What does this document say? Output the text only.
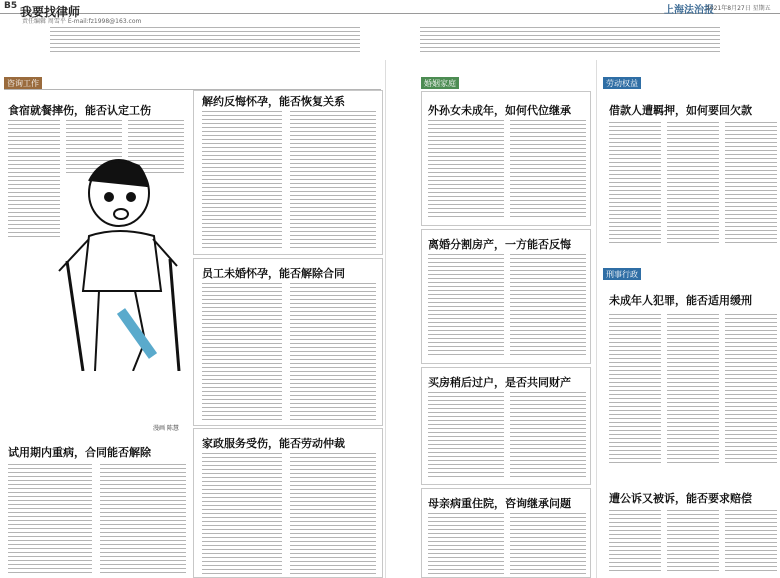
B5 我要找律师	上海法治报
2021年8月27日 星期五
责任编辑 周雪平 E-mail:fz1998@163.com
咨询工作	婚姻家庭	劳动权益
刑事行政
食宿就餐摔伤，能否认定工伤
解约反悔怀孕，能否恢复关系
员工未婚怀孕，能否解除合同
家政服务受伤，能否劳动仲裁
漫画 陈慧
试用期内重病，合同能否解除
外孙女未成年，如何代位继承
离婚分割房产，一方能否反悔
买房稍后过户，是否共同财产
母亲病重住院，咨询继承问题
借款人遭羁押，如何要回欠款
未成年人犯罪，能否适用缓刑
遭公诉又被诉，能否要求赔偿
